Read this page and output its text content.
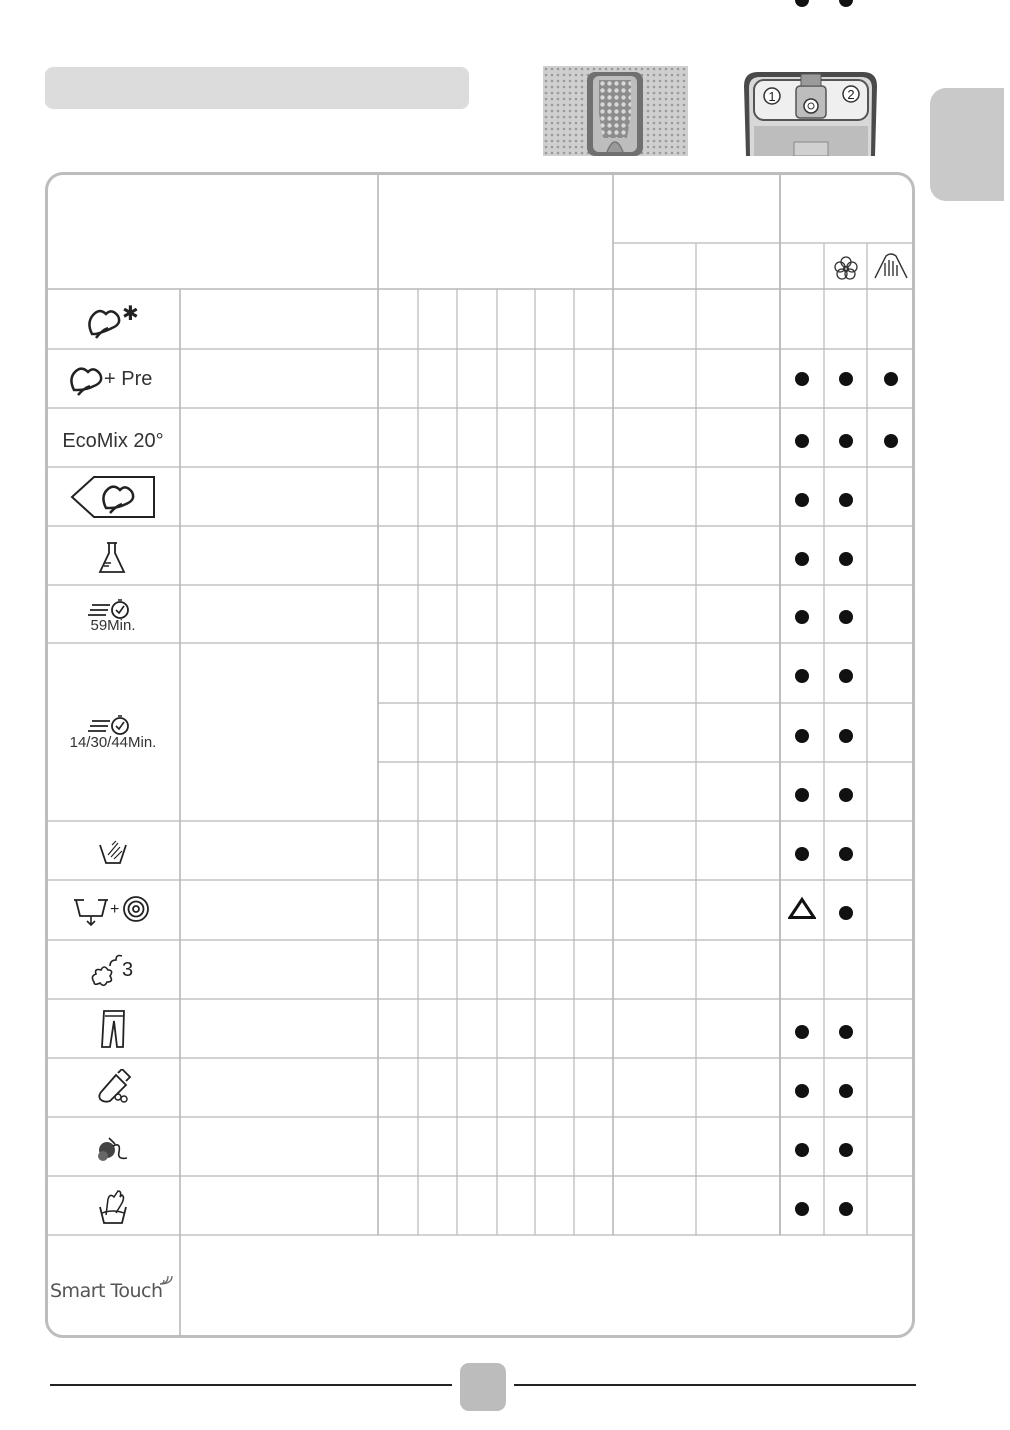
1	2
✱
+ Pre
EcoMix 20°
59Min.
14/30/44Min.
+
3
Smart Touch
